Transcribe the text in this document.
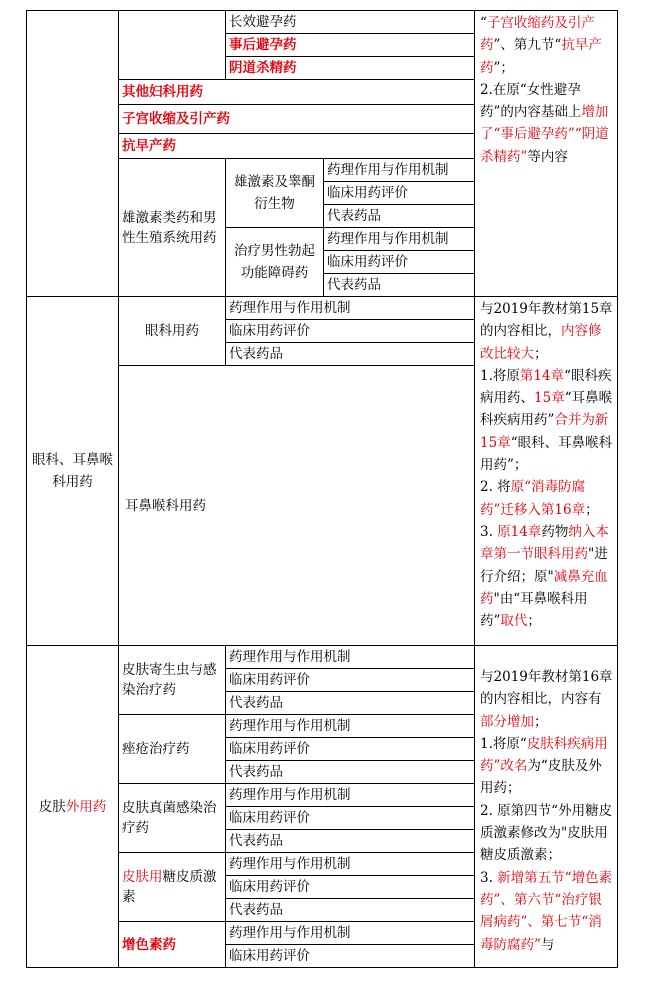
		长效避孕药		“子宫收缩药及引产药”、第九节“抗早产药”；
2.在原“女性避孕药”的内容基础上增加了“事后避孕药”“阴道杀精药”等内容
		事后避孕药		
		阴道杀精药		
	其他妇科用药			
	子宫收缩及引产药			
	抗早产药			
	雄激素类药和男性生殖系统用药	雄激素及睾酮衍生物	药理作用与作用机制	
			临床用药评价	
			代表药品	
		治疗男性勃起功能障碍药	药理作用与作用机制	
			临床用药评价	
			代表药品	
眼科、耳鼻喉科用药	眼科用药	药理作用与作用机制		与2019年教材第15章的内容相比，内容修改比较大；
1.将原第14章“眼科疾病用药、15章“耳鼻喉科疾病用药”合并为新15章“眼科、耳鼻喉科用药”；
2. 将原“消毒防腐药”迁移入第16章；
3. 原14章药物纳入本章第一节眼科用药"进行介绍；原"减鼻充血药"由“耳鼻喉科用药”取代；
		临床用药评价		
		代表药品		
	耳鼻喉科用药			
皮肤外用药	皮肤寄生虫与感染治疗药	药理作用与作用机制		与2019年教材第16章的内容相比，内容有部分增加；
1.将原“皮肤科疾病用药”改名为“皮肤及外用药；
2. 原第四节“外用糖皮质激素修改为"皮肤用糖皮质激素；
3. 新增第五节“增色素药”、第六节“治疗银屑病药”、第七节“消毒防腐药”与
		临床用药评价		
		代表药品		
	痤疮治疗药	药理作用与作用机制		
		临床用药评价		
		代表药品		
	皮肤真菌感染治疗药	药理作用与作用机制		
		临床用药评价		
		代表药品		
	皮肤用糖皮质激素	药理作用与作用机制		
		临床用药评价		
		代表药品		
	增色素药	药理作用与作用机制		
		临床用药评价		
